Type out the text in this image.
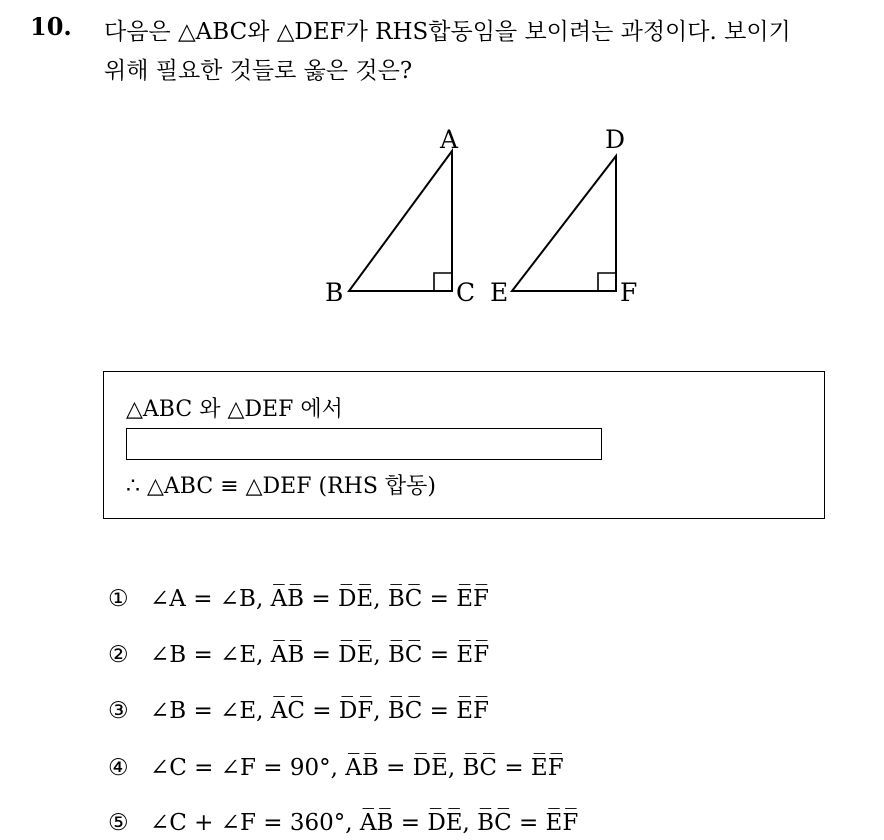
10. 다음은 △ABC와 △DEF가 RHS합동임을 보이려는 과정이다. 보이기
위해 필요한 것들로 옳은 것은?
A
B	C
D
E	F
△ABC 와 △DEF 에서
∴ △ABC ≡ △DEF (RHS 합동)
① ∠A = ∠B, A̅B̅ = D̅E̅, B̅C̅ = E̅F̅
② ∠B = ∠E, A̅B̅ = D̅E̅, B̅C̅ = E̅F̅
③ ∠B = ∠E, A̅C̅ = D̅F̅, B̅C̅ = E̅F̅
④ ∠C = ∠F = 90°, A̅B̅ = D̅E̅, B̅C̅ = E̅F̅
⑤ ∠C + ∠F = 360°, A̅B̅ = D̅E̅, B̅C̅ = E̅F̅
